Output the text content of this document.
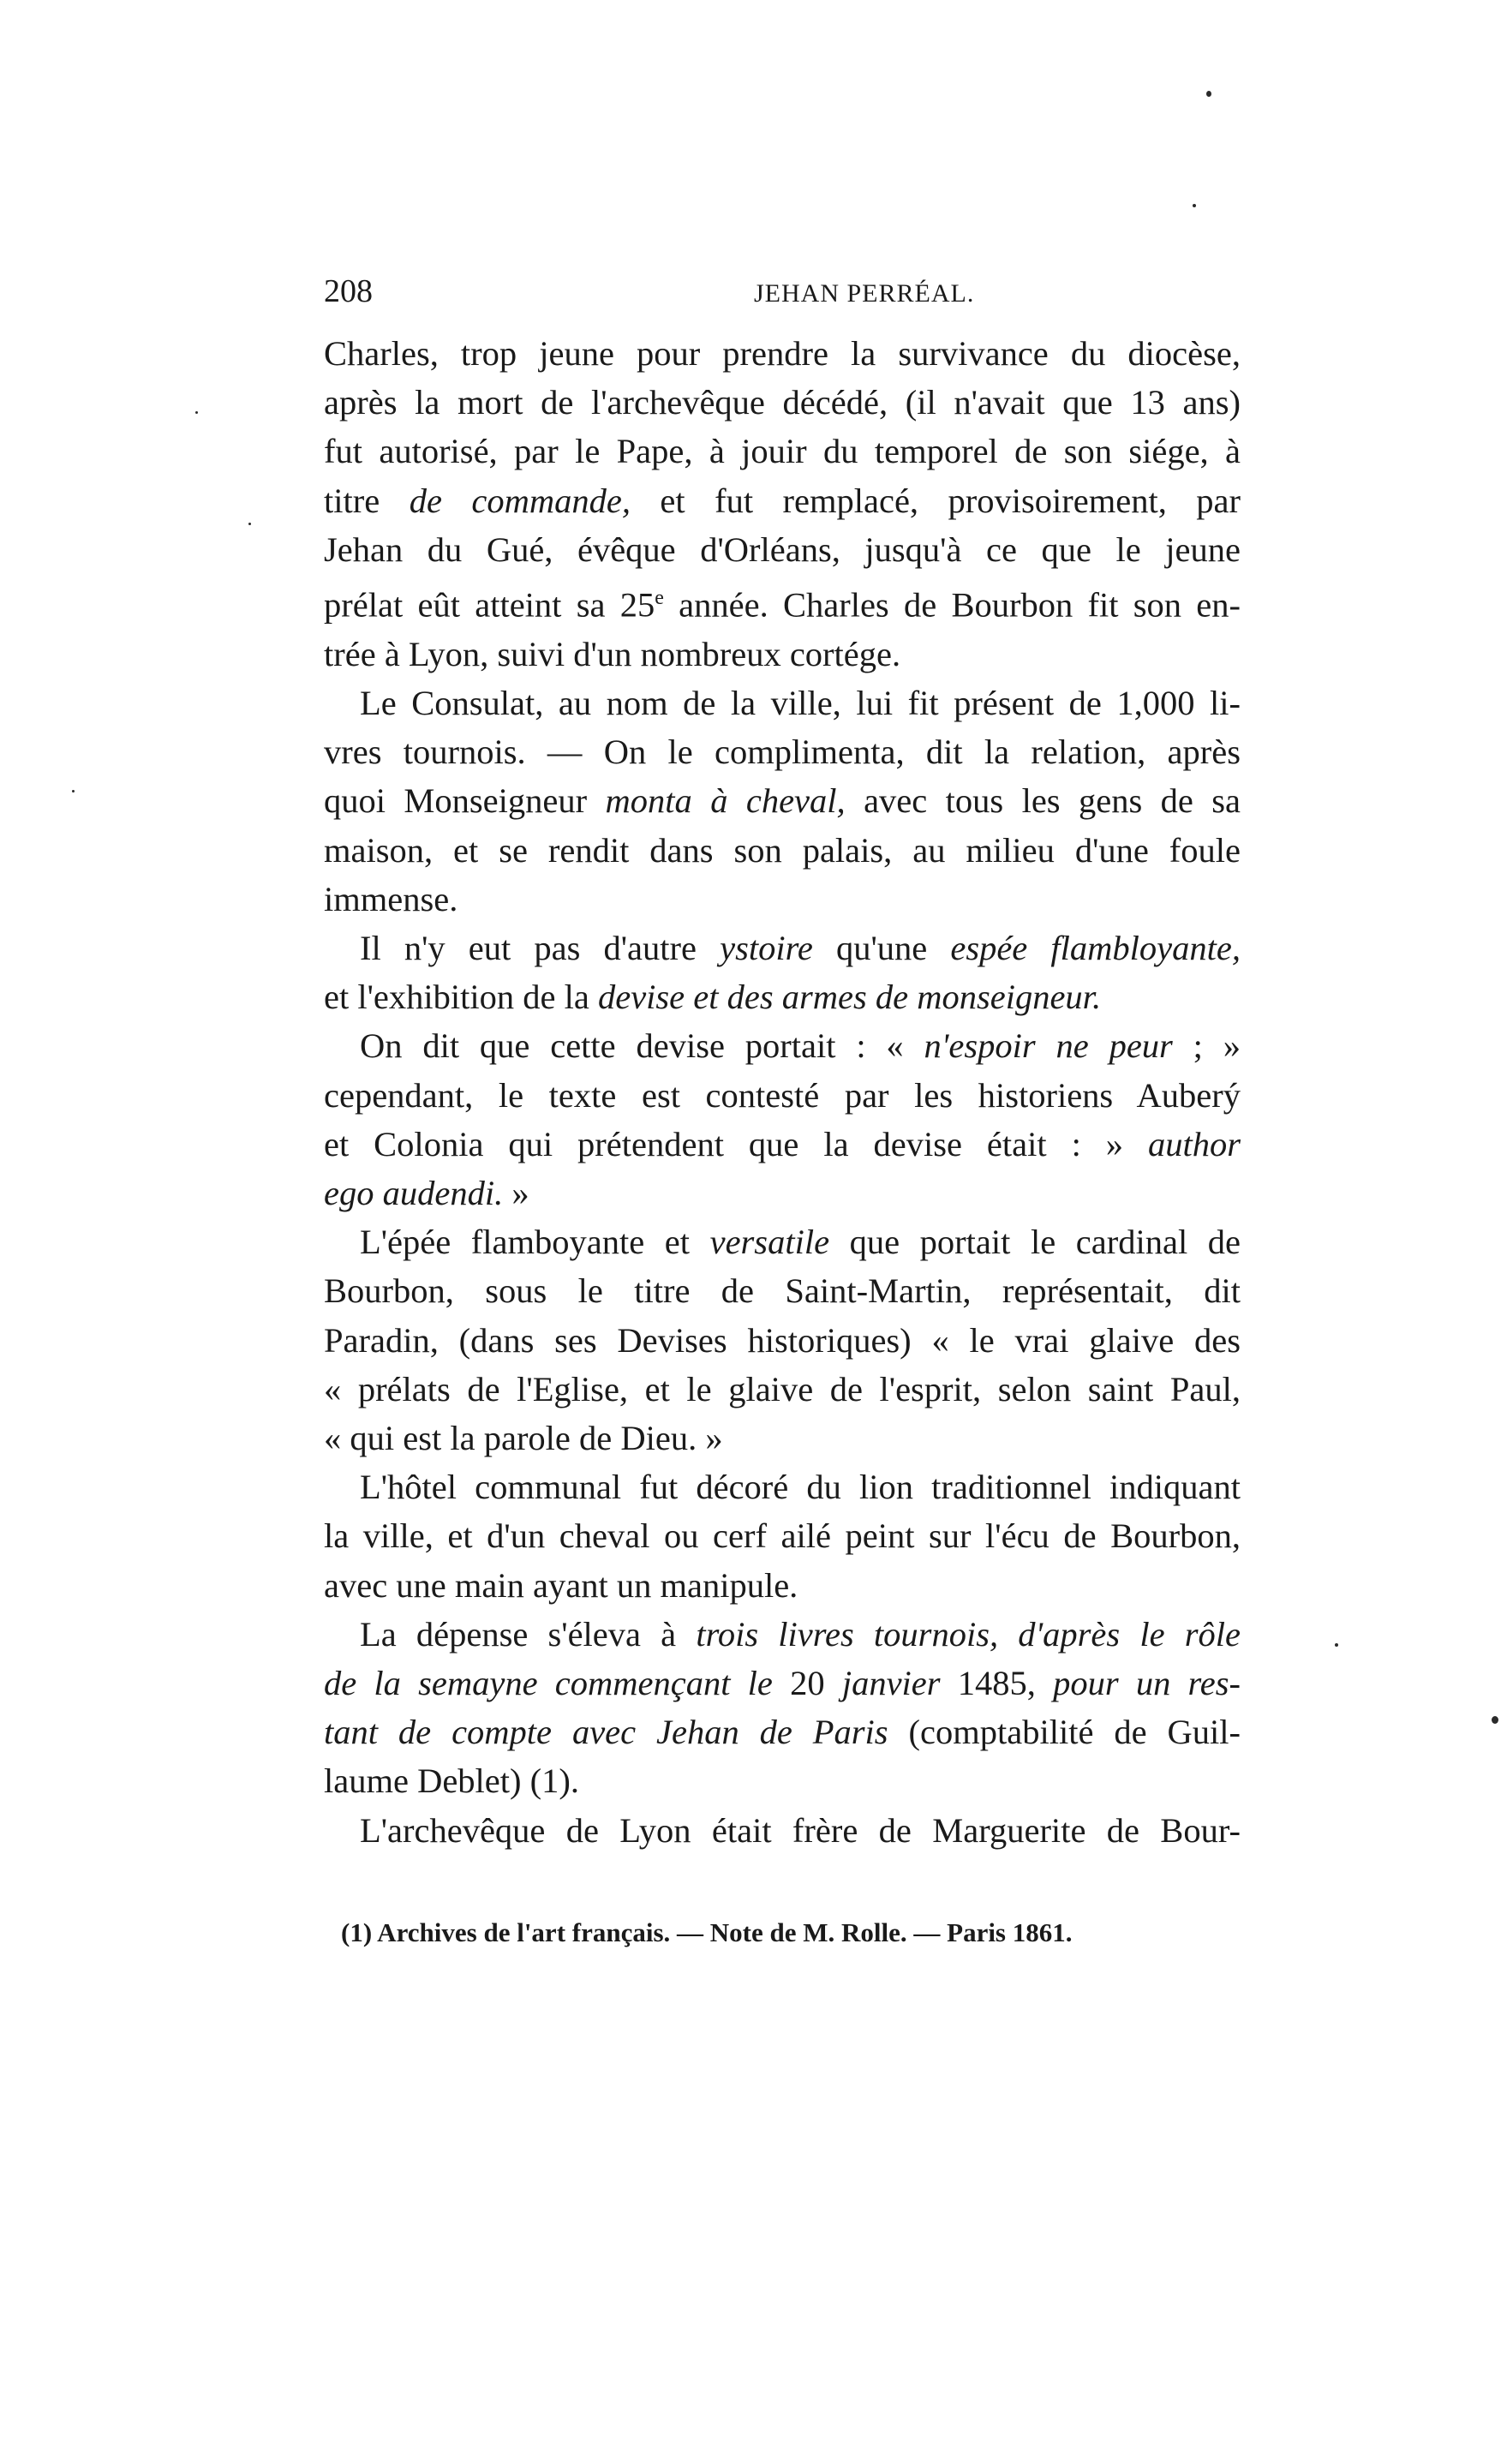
208	JEHAN PERRÉAL.

Charles, trop jeune pour prendre la survivance du diocèse,
après la mort de l'archevêque décédé, (il n'avait que 13 ans)
fut autorisé, par le Pape, à jouir du temporel de son siége, à
titre de commande, et fut remplacé, provisoirement, par
Jehan du Gué, évêque d'Orléans, jusqu'à ce que le jeune
prélat eût atteint sa 25e année. Charles de Bourbon fit son en-
trée à Lyon, suivi d'un nombreux cortége.

Le Consulat, au nom de la ville, lui fit présent de 1,000 li-
vres tournois. — On le complimenta, dit la relation, après
quoi Monseigneur monta à cheval, avec tous les gens de sa
maison, et se rendit dans son palais, au milieu d'une foule
immense.

Il n'y eut pas d'autre ystoire qu'une espée flambloyante,
et l'exhibition de la devise et des armes de monseigneur.

On dit que cette devise portait : « n'espoir ne peur ; »
cependant, le texte est contesté par les historiens Auberý
et Colonia qui prétendent que la devise était : » author
ego audendi. »

L'épée flamboyante et versatile que portait le cardinal de
Bourbon, sous le titre de Saint-Martin, représentait, dit
Paradin, (dans ses Devises historiques) « le vrai glaive des
« prélats de l'Eglise, et le glaive de l'esprit, selon saint Paul,
« qui est la parole de Dieu. »

L'hôtel communal fut décoré du lion traditionnel indiquant
la ville, et d'un cheval ou cerf ailé peint sur l'écu de Bourbon,
avec une main ayant un manipule.

La dépense s'éleva à trois livres tournois, d'après le rôle
de la semayne commençant le 20 janvier 1485, pour un res-
tant de compte avec Jehan de Paris (comptabilité de Guil-
laume Deblet) (1).

L'archevêque de Lyon était frère de Marguerite de Bour-

(1) Archives de l'art français. — Note de M. Rolle. — Paris 1861.
